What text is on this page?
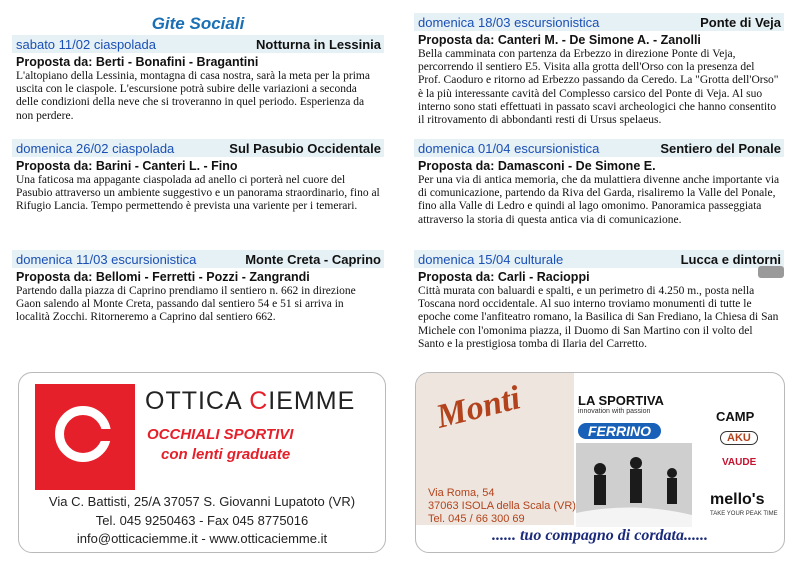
Gite Sociali
sabato 11/02 ciaspolada	Notturna in Lessinia
Proposta da: Berti - Bonafini - Bragantini
L'altopiano della Lessinia, montagna di casa nostra, sarà la meta per la prima uscita con le ciaspole. L'escursione potrà subire delle variazioni a seconda delle condizioni della neve che si troveranno in quel periodo. Esperienza da non perdere.
domenica 26/02 ciaspolada	Sul Pasubio Occidentale
Proposta da: Barini - Canteri L. - Fino
Una faticosa ma appagante ciaspolada ad anello ci porterà nel cuore del Pasubio attraverso un ambiente suggestivo e un panorama straordinario, fino al Rifugio Lancia. Tempo permettendo è prevista una variente per i temerari.
domenica 11/03 escursionistica	Monte Creta - Caprino
Proposta da: Bellomi - Ferretti - Pozzi - Zangrandi
Partendo dalla piazza di Caprino prendiamo il sentiero n. 662 in direzione Gaon salendo al Monte Creta, passando dal sentiero 54 e 51 si arriva in località Zocchi. Ritorneremo a Caprino dal sentiero 662.
domenica 18/03 escursionistica	Ponte di Veja
Proposta da: Canteri M. - De Simone A. - Zanolli
Bella camminata con partenza da Erbezzo in direzione Ponte di Veja, percorrendo il sentiero E5. Visita alla grotta dell'Orso con la presenza del Prof. Caoduro e ritorno ad Erbezzo passando da Ceredo. La "Grotta dell'Orso" è la più interessante cavità del Complesso carsico del Ponte di Veja. Al suo interno sono stati effettuati in passato scavi archeologici che hanno consentito il ritrovamento di abbondanti resti di Ursus spelaeus.
domenica 01/04 escursionistica	Sentiero del Ponale
Proposta da: Damasconi - De Simone E.
Per una via di antica memoria, che da mulattiera divenne anche importante via di comunicazione, partendo da Riva del Garda, risaliremo la Valle del Ponale, fino alla Valle di Ledro e quindi al lago omonimo. Panoramica passeggiata attraverso la storia di questa antica via di comunicazione.
domenica 15/04 culturale	Lucca e dintorni
Proposta da: Carli - Racioppi
Città murata con baluardi e spalti, e un perimetro di 4.250 m., posta nella Toscana nord occidentale. Al suo interno troviamo monumenti di tutte le epoche come l'anfiteatro romano, la Basilica di San Frediano, la Chiesa di San Michele con l'omonima piazza, il Duomo di San Martino con il volto del Santo e la prestigiosa tomba di Ilaria del Carretto.
OTTICA CIEMME
OCCHIALI SPORTIVI
con lenti graduate
Via C. Battisti, 25/A 37057 S. Giovanni Lupatoto (VR)
Tel. 045 9250463 - Fax 045 8775016
info@otticaciemme.it - www.otticaciemme.it
Monti
Via Roma, 54
37063 ISOLA della Scala (VR)
Tel. 045 / 66 300 69
LA SPORTIVA
innovation with passion
FERRINO
CAMP
AKU
VAUDE
mello's
TAKE YOUR PEAK TIME
...... tuo compagno di cordata......
